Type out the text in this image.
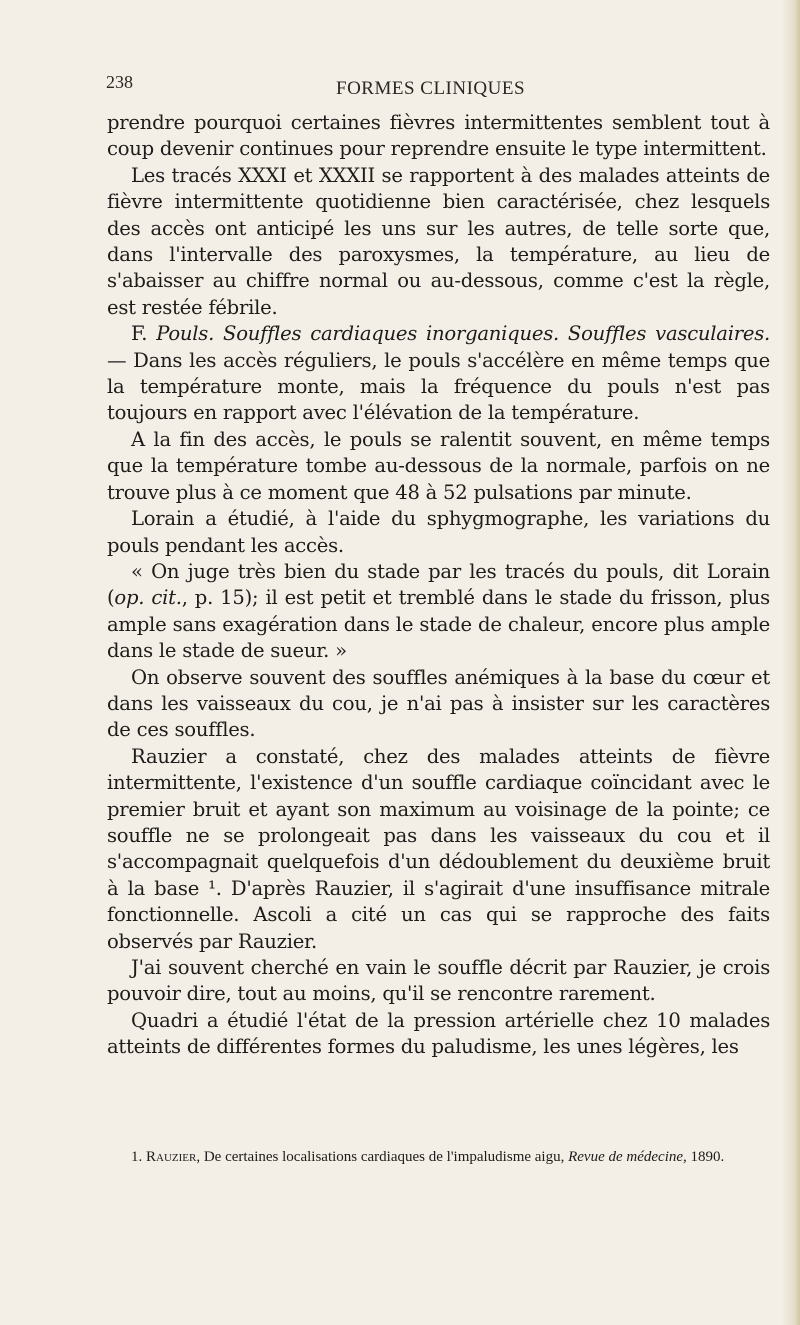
238	FORMES CLINIQUES

prendre pourquoi certaines fièvres intermittentes semblent tout à coup devenir continues pour reprendre ensuite le type intermittent.

Les tracés XXXI et XXXII se rapportent à des malades atteints de fièvre intermittente quotidienne bien caractérisée, chez lesquels des accès ont anticipé les uns sur les autres, de telle sorte que, dans l'intervalle des paroxysmes, la température, au lieu de s'abaisser au chiffre normal ou au-dessous, comme c'est la règle, est restée fébrile.

F. Pouls. Souffles cardiaques inorganiques. Souffles vasculaires. — Dans les accès réguliers, le pouls s'accélère en même temps que la température monte, mais la fréquence du pouls n'est pas toujours en rapport avec l'élévation de la température.

A la fin des accès, le pouls se ralentit souvent, en même temps que la température tombe au-dessous de la normale, parfois on ne trouve plus à ce moment que 48 à 52 pulsations par minute.

Lorain a étudié, à l'aide du sphygmographe, les variations du pouls pendant les accès.

« On juge très bien du stade par les tracés du pouls, dit Lorain (op. cit., p. 15); il est petit et tremblé dans le stade du frisson, plus ample sans exagération dans le stade de chaleur, encore plus ample dans le stade de sueur. »

On observe souvent des souffles anémiques à la base du cœur et dans les vaisseaux du cou, je n'ai pas à insister sur les caractères de ces souffles.

Rauzier a constaté, chez des malades atteints de fièvre intermittente, l'existence d'un souffle cardiaque coïncidant avec le premier bruit et ayant son maximum au voisinage de la pointe; ce souffle ne se prolongeait pas dans les vaisseaux du cou et il s'accompagnait quelquefois d'un dédoublement du deuxième bruit à la base ¹. D'après Rauzier, il s'agirait d'une insuffisance mitrale fonctionnelle. Ascoli a cité un cas qui se rapproche des faits observés par Rauzier.

J'ai souvent cherché en vain le souffle décrit par Rauzier, je crois pouvoir dire, tout au moins, qu'il se rencontre rarement.

Quadri a étudié l'état de la pression artérielle chez 10 malades atteints de différentes formes du paludisme, les unes légères, les

1. Rauzier, De certaines localisations cardiaques de l'impaludisme aigu, Revue de médecine, 1890.
